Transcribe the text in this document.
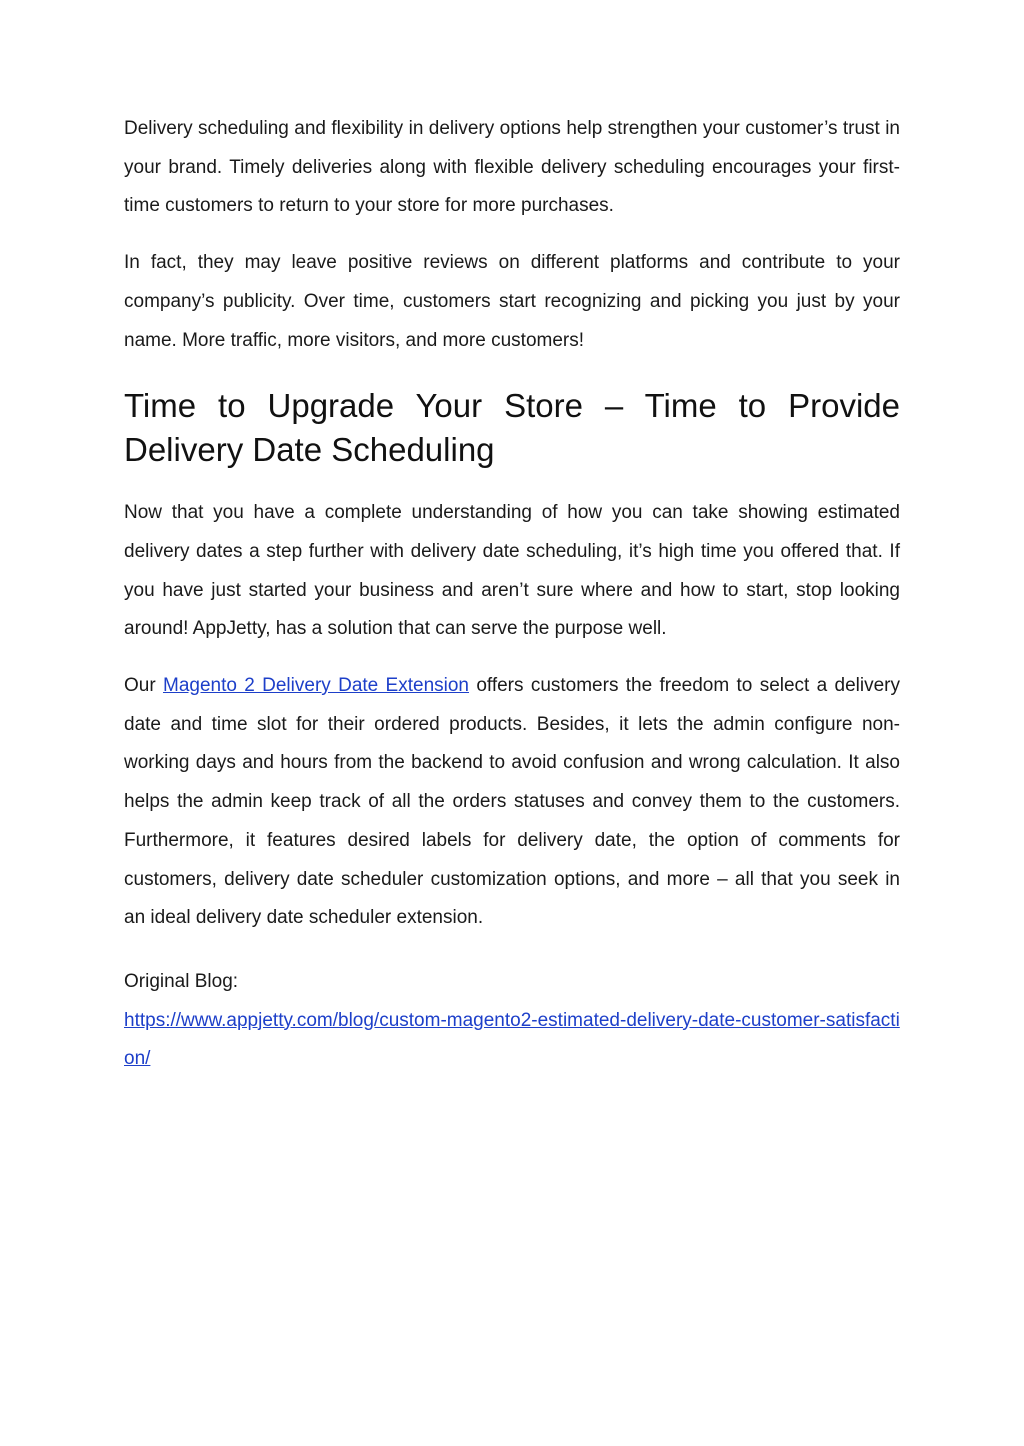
Delivery scheduling and flexibility in delivery options help strengthen your customer’s trust in your brand. Timely deliveries along with flexible delivery scheduling encourages your first-time customers to return to your store for more purchases.

In fact, they may leave positive reviews on different platforms and contribute to your company’s publicity. Over time, customers start recognizing and picking you just by your name. More traffic, more visitors, and more customers!

Time to Upgrade Your Store – Time to Provide Delivery Date Scheduling

Now that you have a complete understanding of how you can take showing estimated delivery dates a step further with delivery date scheduling, it’s high time you offered that. If you have just started your business and aren’t sure where and how to start, stop looking around! AppJetty, has a solution that can serve the purpose well.

Our Magento 2 Delivery Date Extension offers customers the freedom to select a delivery date and time slot for their ordered products. Besides, it lets the admin configure non-working days and hours from the backend to avoid confusion and wrong calculation. It also helps the admin keep track of all the orders statuses and convey them to the customers. Furthermore, it features desired labels for delivery date, the option of comments for customers, delivery date scheduler customization options, and more – all that you seek in an ideal delivery date scheduler extension.

Original Blog:
https://www.appjetty.com/blog/custom-magento2-estimated-delivery-date-customer-satisfaction/
